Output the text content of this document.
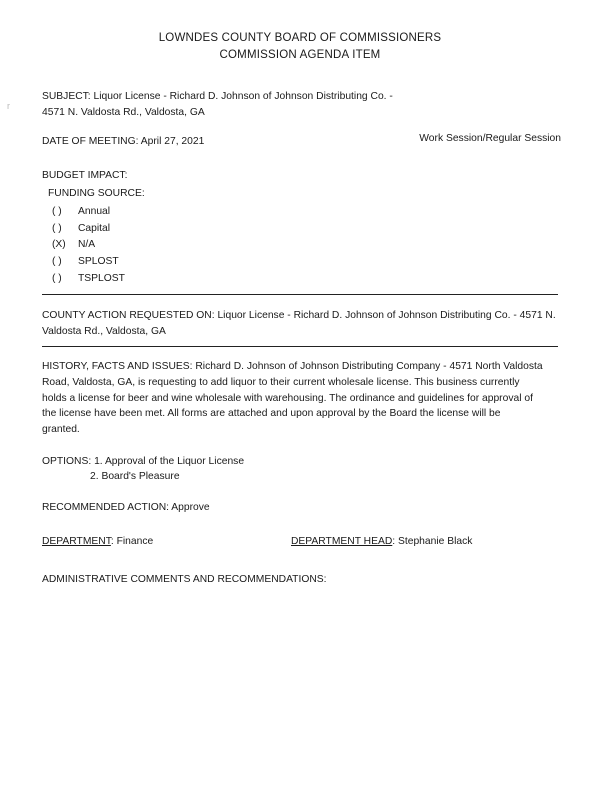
r
LOWNDES COUNTY BOARD OF COMMISSIONERS
COMMISSION AGENDA ITEM
SUBJECT: Liquor License - Richard D. Johnson of Johnson Distributing Co. -
4571 N. Valdosta Rd., Valdosta, GA
DATE OF MEETING: April 27, 2021	Work Session/Regular Session
BUDGET IMPACT:
FUNDING SOURCE:
( ) Annual
( ) Capital
(X) N/A
( ) SPLOST
( ) TSPLOST
COUNTY ACTION REQUESTED ON: Liquor License - Richard D. Johnson of Johnson Distributing Co. - 4571 N.
Valdosta Rd., Valdosta, GA
HISTORY, FACTS AND ISSUES: Richard D. Johnson of Johnson Distributing Company - 4571 North Valdosta
Road, Valdosta, GA, is requesting to add liquor to their current wholesale license. This business currently
holds a license for beer and wine wholesale with warehousing. The ordinance and guidelines for approval of
the license have been met. All forms are attached and upon approval by the Board the license will be
granted.
OPTIONS: 1. Approval of the Liquor License
2. Board's Pleasure
RECOMMENDED ACTION: Approve
DEPARTMENT: Finance	DEPARTMENT HEAD: Stephanie Black
ADMINISTRATIVE COMMENTS AND RECOMMENDATIONS:
